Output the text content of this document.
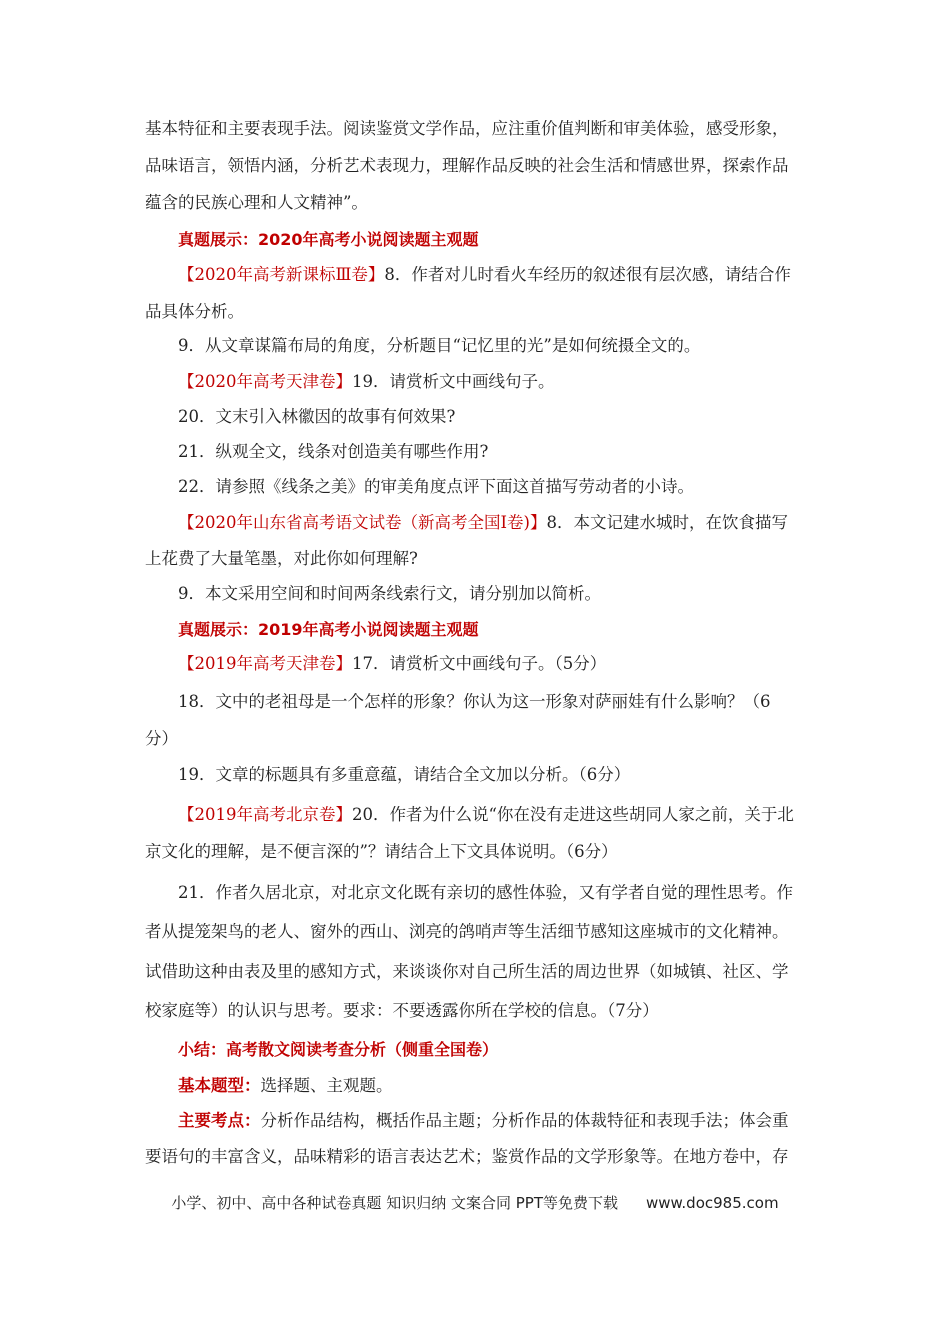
基本特征和主要表现手法。阅读鉴赏文学作品，应注重价值判断和审美体验，感受形象，

品味语言，领悟内涵，分析艺术表现力，理解作品反映的社会生活和情感世界，探索作品

蕴含的民族心理和人文精神”。

真题展示：2020年高考小说阅读题主观题

【2020年高考新课标Ⅲ卷】8．作者对儿时看火车经历的叙述很有层次感，请结合作

品具体分析。

9．从文章谋篇布局的角度，分析题目“记忆里的光”是如何统摄全文的。

【2020年高考天津卷】19．请赏析文中画线句子。

20．文末引入林徽因的故事有何效果?

21．纵观全文，线条对创造美有哪些作用?

22．请参照《线条之美》的审美角度点评下面这首描写劳动者的小诗。

【2020年山东省高考语文试卷（新高考全国Ⅰ卷)】8．本文记建水城时，在饮食描写

上花费了大量笔墨，对此你如何理解?

9．本文采用空间和时间两条线索行文，请分别加以简析。

真题展示：2019年高考小说阅读题主观题

【2019年高考天津卷】17．请赏析文中画线句子。（5分）

18．文中的老祖母是一个怎样的形象？你认为这一形象对萨丽娃有什么影响？（6

分）

19．文章的标题具有多重意蕴，请结合全文加以分析。（6分）

【2019年高考北京卷】20．作者为什么说“你在没有走进这些胡同人家之前，关于北

京文化的理解，是不便言深的”？请结合上下文具体说明。（6分）

21．作者久居北京，对北京文化既有亲切的感性体验，又有学者自觉的理性思考。作

者从提笼架鸟的老人、窗外的西山、浏亮的鸽哨声等生活细节感知这座城市的文化精神。

试借助这种由表及里的感知方式，来谈谈你对自己所生活的周边世界（如城镇、社区、学

校家庭等）的认识与思考。要求：不要透露你所在学校的信息。（7分）

小结：高考散文阅读考查分析（侧重全国卷）

基本题型：选择题、主观题。

主要考点：分析作品结构，概括作品主题；分析作品的体裁特征和表现手法；体会重

要语句的丰富含义，品味精彩的语言表达艺术；鉴赏作品的文学形象等。在地方卷中，存

小学、初中、高中各种试卷真题 知识归纳 文案合同 PPT等免费下载 www.doc985.com
